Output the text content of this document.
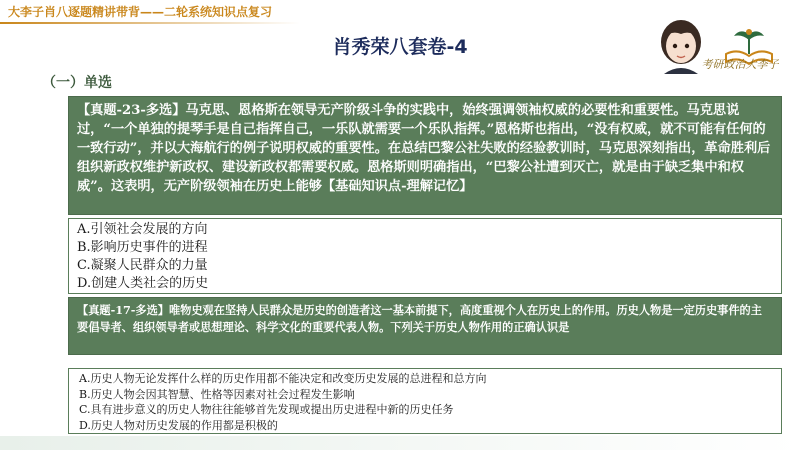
大李子肖八逐题精讲带背——二轮系统知识点复习
肖秀荣八套卷-4
（一）单选
考研政治大李子
【真题-23-多选】马克思、恩格斯在领导无产阶级斗争的实践中，始终强调领袖权威的必要性和重要性。马克思说过，“一个单独的提琴手是自己指挥自己，一乐队就需要一个乐队指挥。”恩格斯也指出，“没有权威，就不可能有任何的一致行动”，并以大海航行的例子说明权威的重要性。在总结巴黎公社失败的经验教训时，马克思深刻指出，革命胜利后组织新政权维护新政权、建设新政权都需要权威。恩格斯则明确指出，“巴黎公社遭到灭亡，就是由于缺乏集中和权威”。这表明，无产阶级领袖在历史上能够【基础知识点-理解记忆】
A.引领社会发展的方向
B.影响历史事件的进程
C.凝聚人民群众的力量
D.创建人类社会的历史
【真题-17-多选】唯物史观在坚持人民群众是历史的创造者这一基本前提下，高度重视个人在历史上的作用。历史人物是一定历史事件的主要倡导者、组织领导者或思想理论、科学文化的重要代表人物。下列关于历史人物作用的正确认识是
A.历史人物无论发挥什么样的历史作用都不能决定和改变历史发展的总进程和总方向
B.历史人物会因其智慧、性格等因素对社会过程发生影响
C.具有进步意义的历史人物往往能够首先发现或提出历史进程中新的历史任务
D.历史人物对历史发展的作用都是积极的
